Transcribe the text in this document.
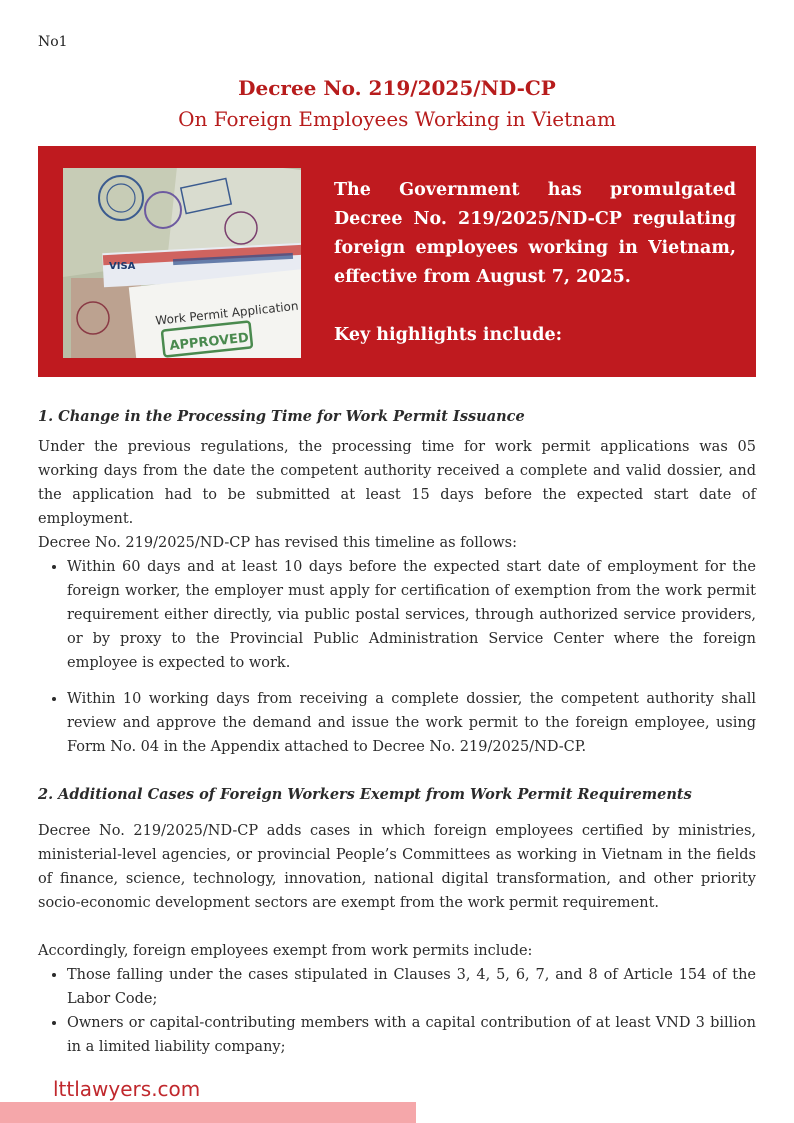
No1
Decree No. 219/2025/ND-CP
On Foreign Employees Working in Vietnam
VISA
Work Permit Application
APPROVED

The Government has promulgated Decree No. 219/2025/ND-CP regulating foreign employees working in Vietnam, effective from August 7, 2025.

Key highlights include:

1. Change in the Processing Time for Work Permit Issuance

Under the previous regulations, the processing time for work permit applications was 05 working days from the date the competent authority received a complete and valid dossier, and the application had to be submitted at least 15 days before the expected start date of employment.

Decree No. 219/2025/ND-CP has revised this timeline as follows:

• Within 60 days and at least 10 days before the expected start date of employment for the foreign worker, the employer must apply for certification of exemption from the work permit requirement either directly, via public postal services, through authorized service providers, or by proxy to the Provincial Public Administration Service Center where the foreign employee is expected to work.
• Within 10 working days from receiving a complete dossier, the competent authority shall review and approve the demand and issue the work permit to the foreign employee, using Form No. 04 in the Appendix attached to Decree No. 219/2025/ND-CP.

2. Additional Cases of Foreign Workers Exempt from Work Permit Requirements

Decree No. 219/2025/ND-CP adds cases in which foreign employees certified by ministries, ministerial-level agencies, or provincial People’s Committees as working in Vietnam in the fields of finance, science, technology, innovation, national digital transformation, and other priority socio-economic development sectors are exempt from the work permit requirement.

Accordingly, foreign employees exempt from work permits include:

• Those falling under the cases stipulated in Clauses 3, 4, 5, 6, 7, and 8 of Article 154 of the Labor Code;
• Owners or capital-contributing members with a capital contribution of at least VND 3 billion in a limited liability company;
lttlawyers.com
